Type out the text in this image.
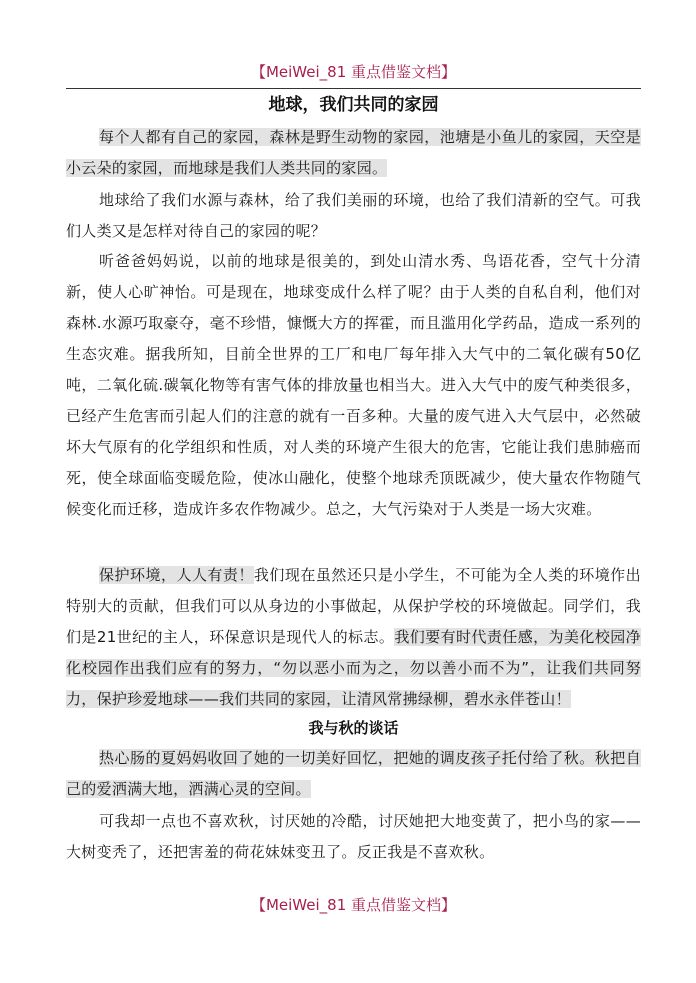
【MeiWei_81 重点借鉴文档】
地球，我们共同的家园

每个人都有自己的家园，森林是野生动物的家园，池塘是小鱼儿的家园，天空是小云朵的家园，而地球是我们人类共同的家园。

地球给了我们水源与森林，给了我们美丽的环境，也给了我们清新的空气。可我们人类又是怎样对待自己的家园的呢？

听爸爸妈妈说，以前的地球是很美的，到处山清水秀、鸟语花香，空气十分清新，使人心旷神怡。可是现在，地球变成什么样了呢？由于人类的自私自利，他们对森林.水源巧取豪夺，毫不珍惜，慷慨大方的挥霍，而且滥用化学药品，造成一系列的生态灾难。据我所知，目前全世界的工厂和电厂每年排入大气中的二氧化碳有50亿吨，二氧化硫.碳氧化物等有害气体的排放量也相当大。进入大气中的废气种类很多，已经产生危害而引起人们的注意的就有一百多种。大量的废气进入大气层中，必然破坏大气原有的化学组织和性质，对人类的环境产生很大的危害，它能让我们患肺癌而死，使全球面临变暖危险，使冰山融化，使整个地球秃顶既减少，使大量农作物随气候变化而迁移，造成许多农作物减少。总之，大气污染对于人类是一场大灾难。

保护环境，人人有责！我们现在虽然还只是小学生，不可能为全人类的环境作出特别大的贡献，但我们可以从身边的小事做起，从保护学校的环境做起。同学们，我们是21世纪的主人，环保意识是现代人的标志。我们要有时代责任感，为美化校园净化校园作出我们应有的努力，“勿以恶小而为之，勿以善小而不为”，让我们共同努力，保护珍爱地球——我们共同的家园，让清风常拂绿柳，碧水永伴苍山！

我与秋的谈话

热心肠的夏妈妈收回了她的一切美好回忆，把她的调皮孩子托付给了秋。秋把自己的爱洒满大地，洒满心灵的空间。

可我却一点也不喜欢秋，讨厌她的冷酷，讨厌她把大地变黄了，把小鸟的家——大树变秃了，还把害羞的荷花妹妹变丑了。反正我是不喜欢秋。

【MeiWei_81 重点借鉴文档】
